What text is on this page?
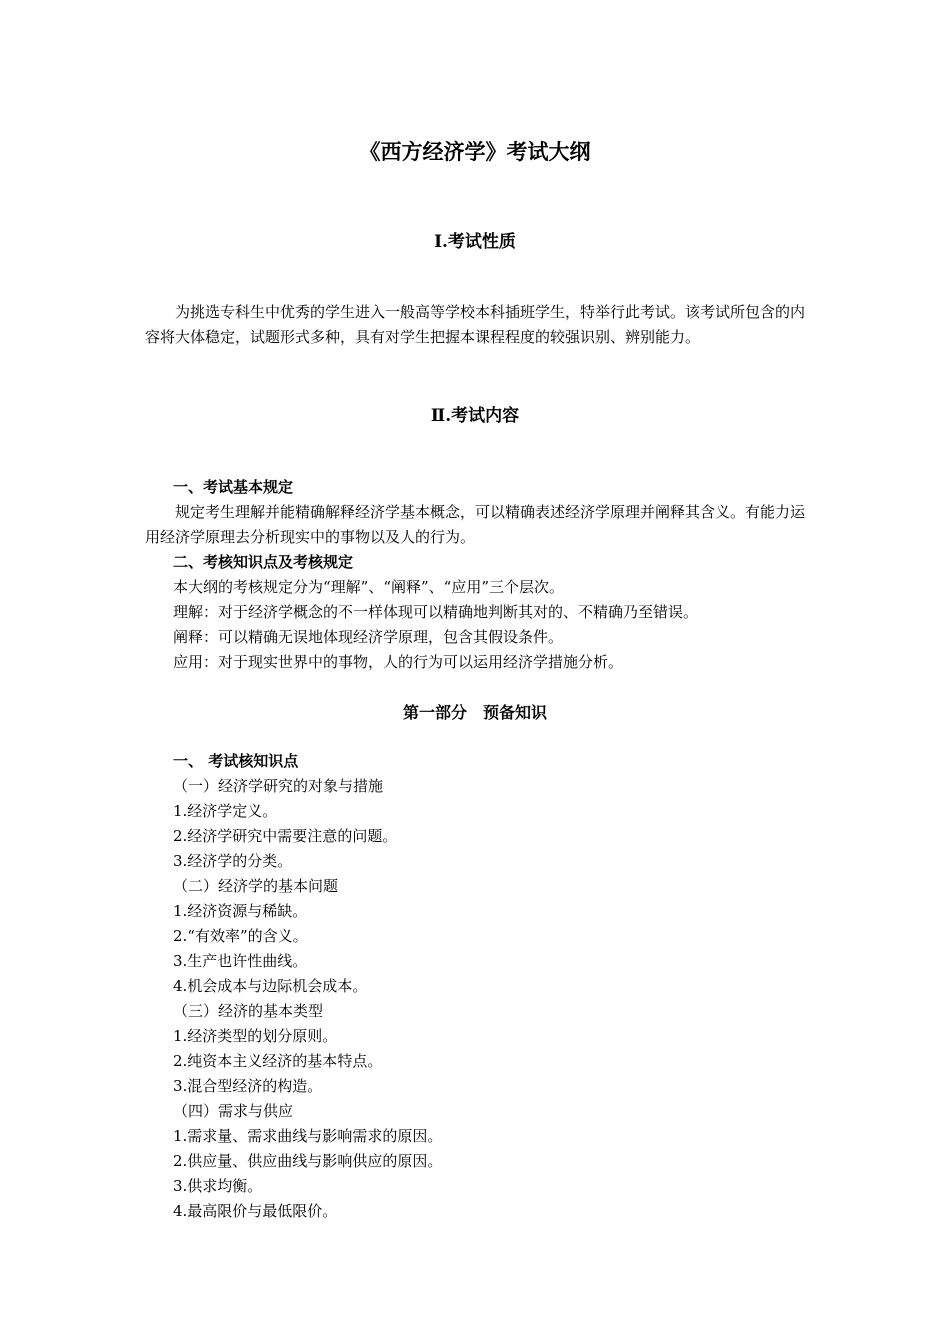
《西方经济学》考试大纲
Ⅰ.考试性质

为挑选专科生中优秀的学生进入一般高等学校本科插班学生，特举行此考试。该考试所包含的内容将大体稳定，试题形式多种，具有对学生把握本课程程度的较强识别、辨别能力。

Ⅱ.考试内容
一、考试基本规定

规定考生理解并能精确解释经济学基本概念，可以精确表述经济学原理并阐释其含义。有能力运用经济学原理去分析现实中的事物以及人的行为。

二、考核知识点及考核规定
本大纲的考核规定分为“理解”、“阐释”、“应用”三个层次。
理解：对于经济学概念的不一样体现可以精确地判断其对的、不精确乃至错误。
阐释：可以精确无误地体现经济学原理，包含其假设条件。
应用：对于现实世界中的事物，人的行为可以运用经济学措施分析。
第一部分　预备知识
一、 考试核知识点
（一）经济学研究的对象与措施
1.经济学定义。
2.经济学研究中需要注意的问题。
3.经济学的分类。
（二）经济学的基本问题
1.经济资源与稀缺。
2.“有效率”的含义。
3.生产也许性曲线。
4.机会成本与边际机会成本。
（三）经济的基本类型
1.经济类型的划分原则。
2.纯资本主义经济的基本特点。
3.混合型经济的构造。
（四）需求与供应
1.需求量、需求曲线与影响需求的原因。
2.供应量、供应曲线与影响供应的原因。
3.供求均衡。
4.最高限价与最低限价。
